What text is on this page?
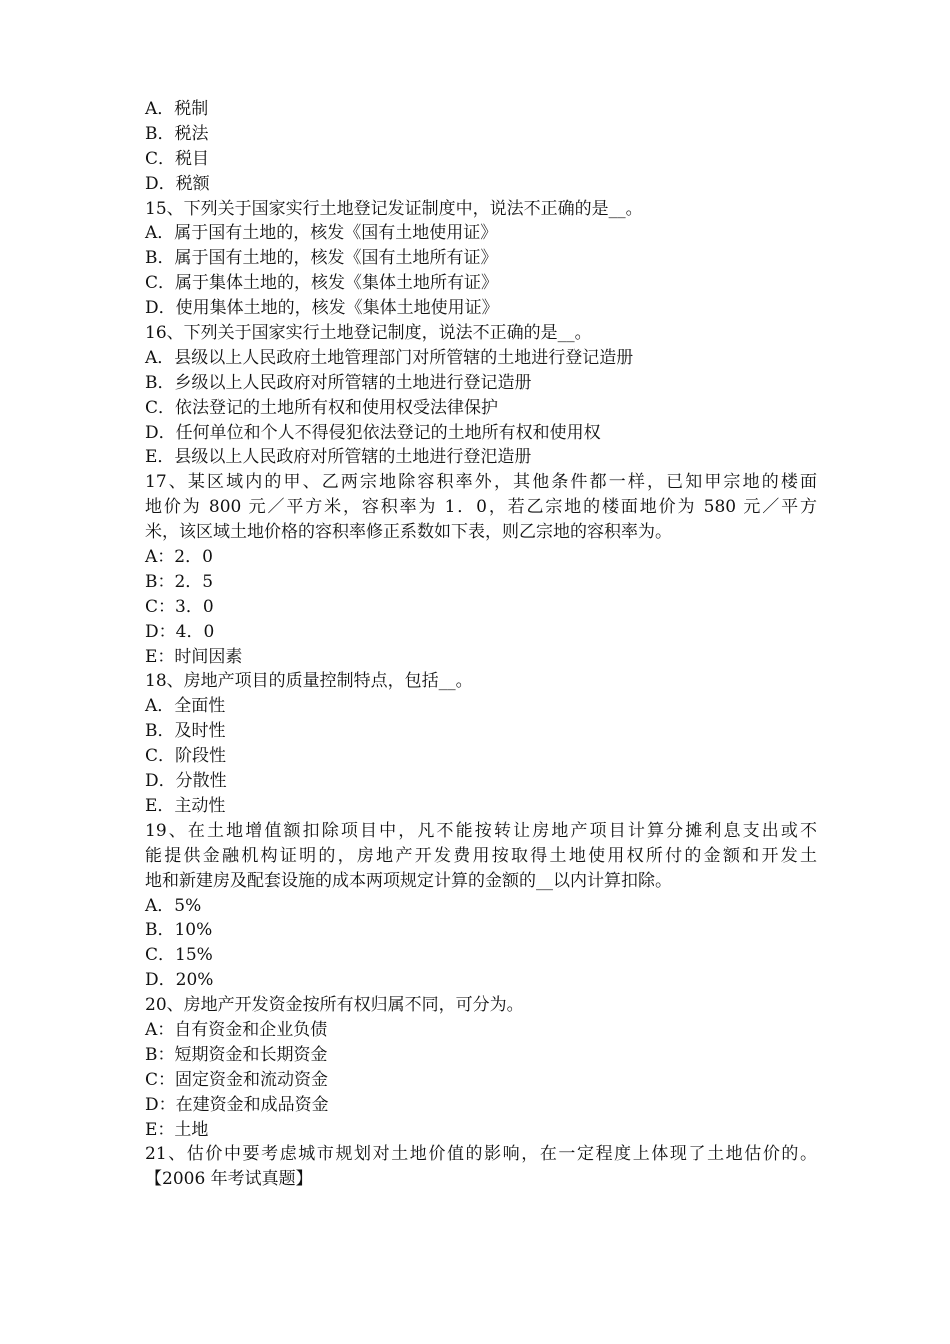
A．税制
B．税法
C．税目
D．税额
15、下列关于国家实行土地登记发证制度中，说法不正确的是__。
A．属于国有土地的，核发《国有土地使用证》
B．属于国有土地的，核发《国有土地所有证》
C．属于集体土地的，核发《集体土地所有证》
D．使用集体土地的，核发《集体土地使用证》
16、下列关于国家实行土地登记制度，说法不正确的是__。
A．县级以上人民政府土地管理部门对所管辖的土地进行登记造册
B．乡级以上人民政府对所管辖的土地进行登记造册
C．依法登记的土地所有权和使用权受法律保护
D．任何单位和个人不得侵犯依法登记的土地所有权和使用权
E．县级以上人民政府对所管辖的土地进行登汜造册
17、某区域内的甲、乙两宗地除容积率外，其他条件都一样，已知甲宗地的楼面
地价为 800 元／平方米，容积率为 1．0，若乙宗地的楼面地价为 580 元／平方
米，该区域土地价格的容积率修正系数如下表，则乙宗地的容积率为。
A：2．0
B：2．5
C：3．0
D：4．0
E：时间因素
18、房地产项目的质量控制特点，包括__。
A．全面性
B．及时性
C．阶段性
D．分散性
E．主动性
19、在土地增值额扣除项目中，凡不能按转让房地产项目计算分摊利息支出或不
能提供金融机构证明的，房地产开发费用按取得土地使用权所付的金额和开发土
地和新建房及配套设施的成本两项规定计算的金额的__以内计算扣除。
A．5%
B．10%
C．15%
D．20%
20、房地产开发资金按所有权归属不同，可分为。
A：自有资金和企业负债
B：短期资金和长期资金
C：固定资金和流动资金
D：在建资金和成品资金
E：土地
21、估价中要考虑城市规划对土地价值的影响，在一定程度上体现了土地估价的。
【2006 年考试真题】
